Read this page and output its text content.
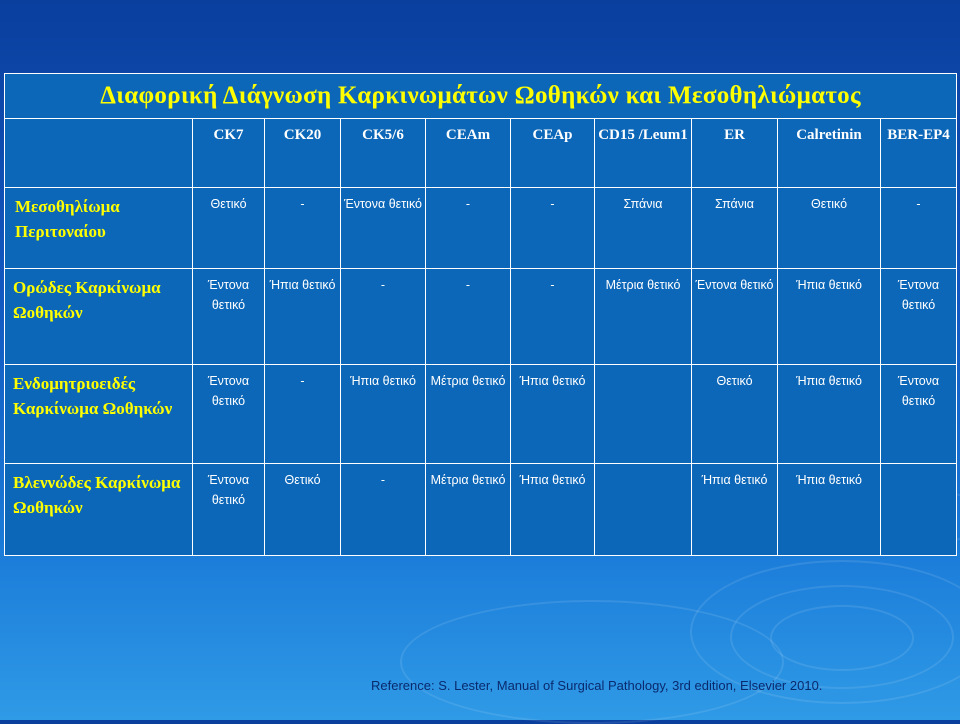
Διαφορική Διάγνωση Καρκινωμάτων Ωοθηκών και Μεσοθηλιώματος									
	CK7	CK20	CK5/6	CEAm	CEAp	CD15 /Leum1	ER	Calretinin	BER-EP4
Μεσοθηλίωμα Περιτοναίου	Θετικό	-	Έντονα θετικό	-	-	Σπάνια	Σπάνια	Θετικό	-
Ορώδες Καρκίνωμα Ωοθηκών	Έντονα θετικό	Ήπια θετικό	-	-	-	Μέτρια θετικό	Έντονα θετικό	Ήπια θετικό	Έντονα θετικό
Ενδομητριοειδές Καρκίνωμα Ωοθηκών	Έντονα θετικό	-	Ήπια θετικό	Μέτρια θετικό	Ήπια θετικό		Θετικό	Ήπια θετικό	Έντονα θετικό
Βλεννώδες Καρκίνωμα Ωοθηκών	Έντονα θετικό	Θετικό	-	Μέτρια θετικό	Ήπια θετικό		Ήπια θετικό	Ήπια θετικό	
Reference: S. Lester, Manual of Surgical Pathology, 3rd edition, Elsevier 2010.
